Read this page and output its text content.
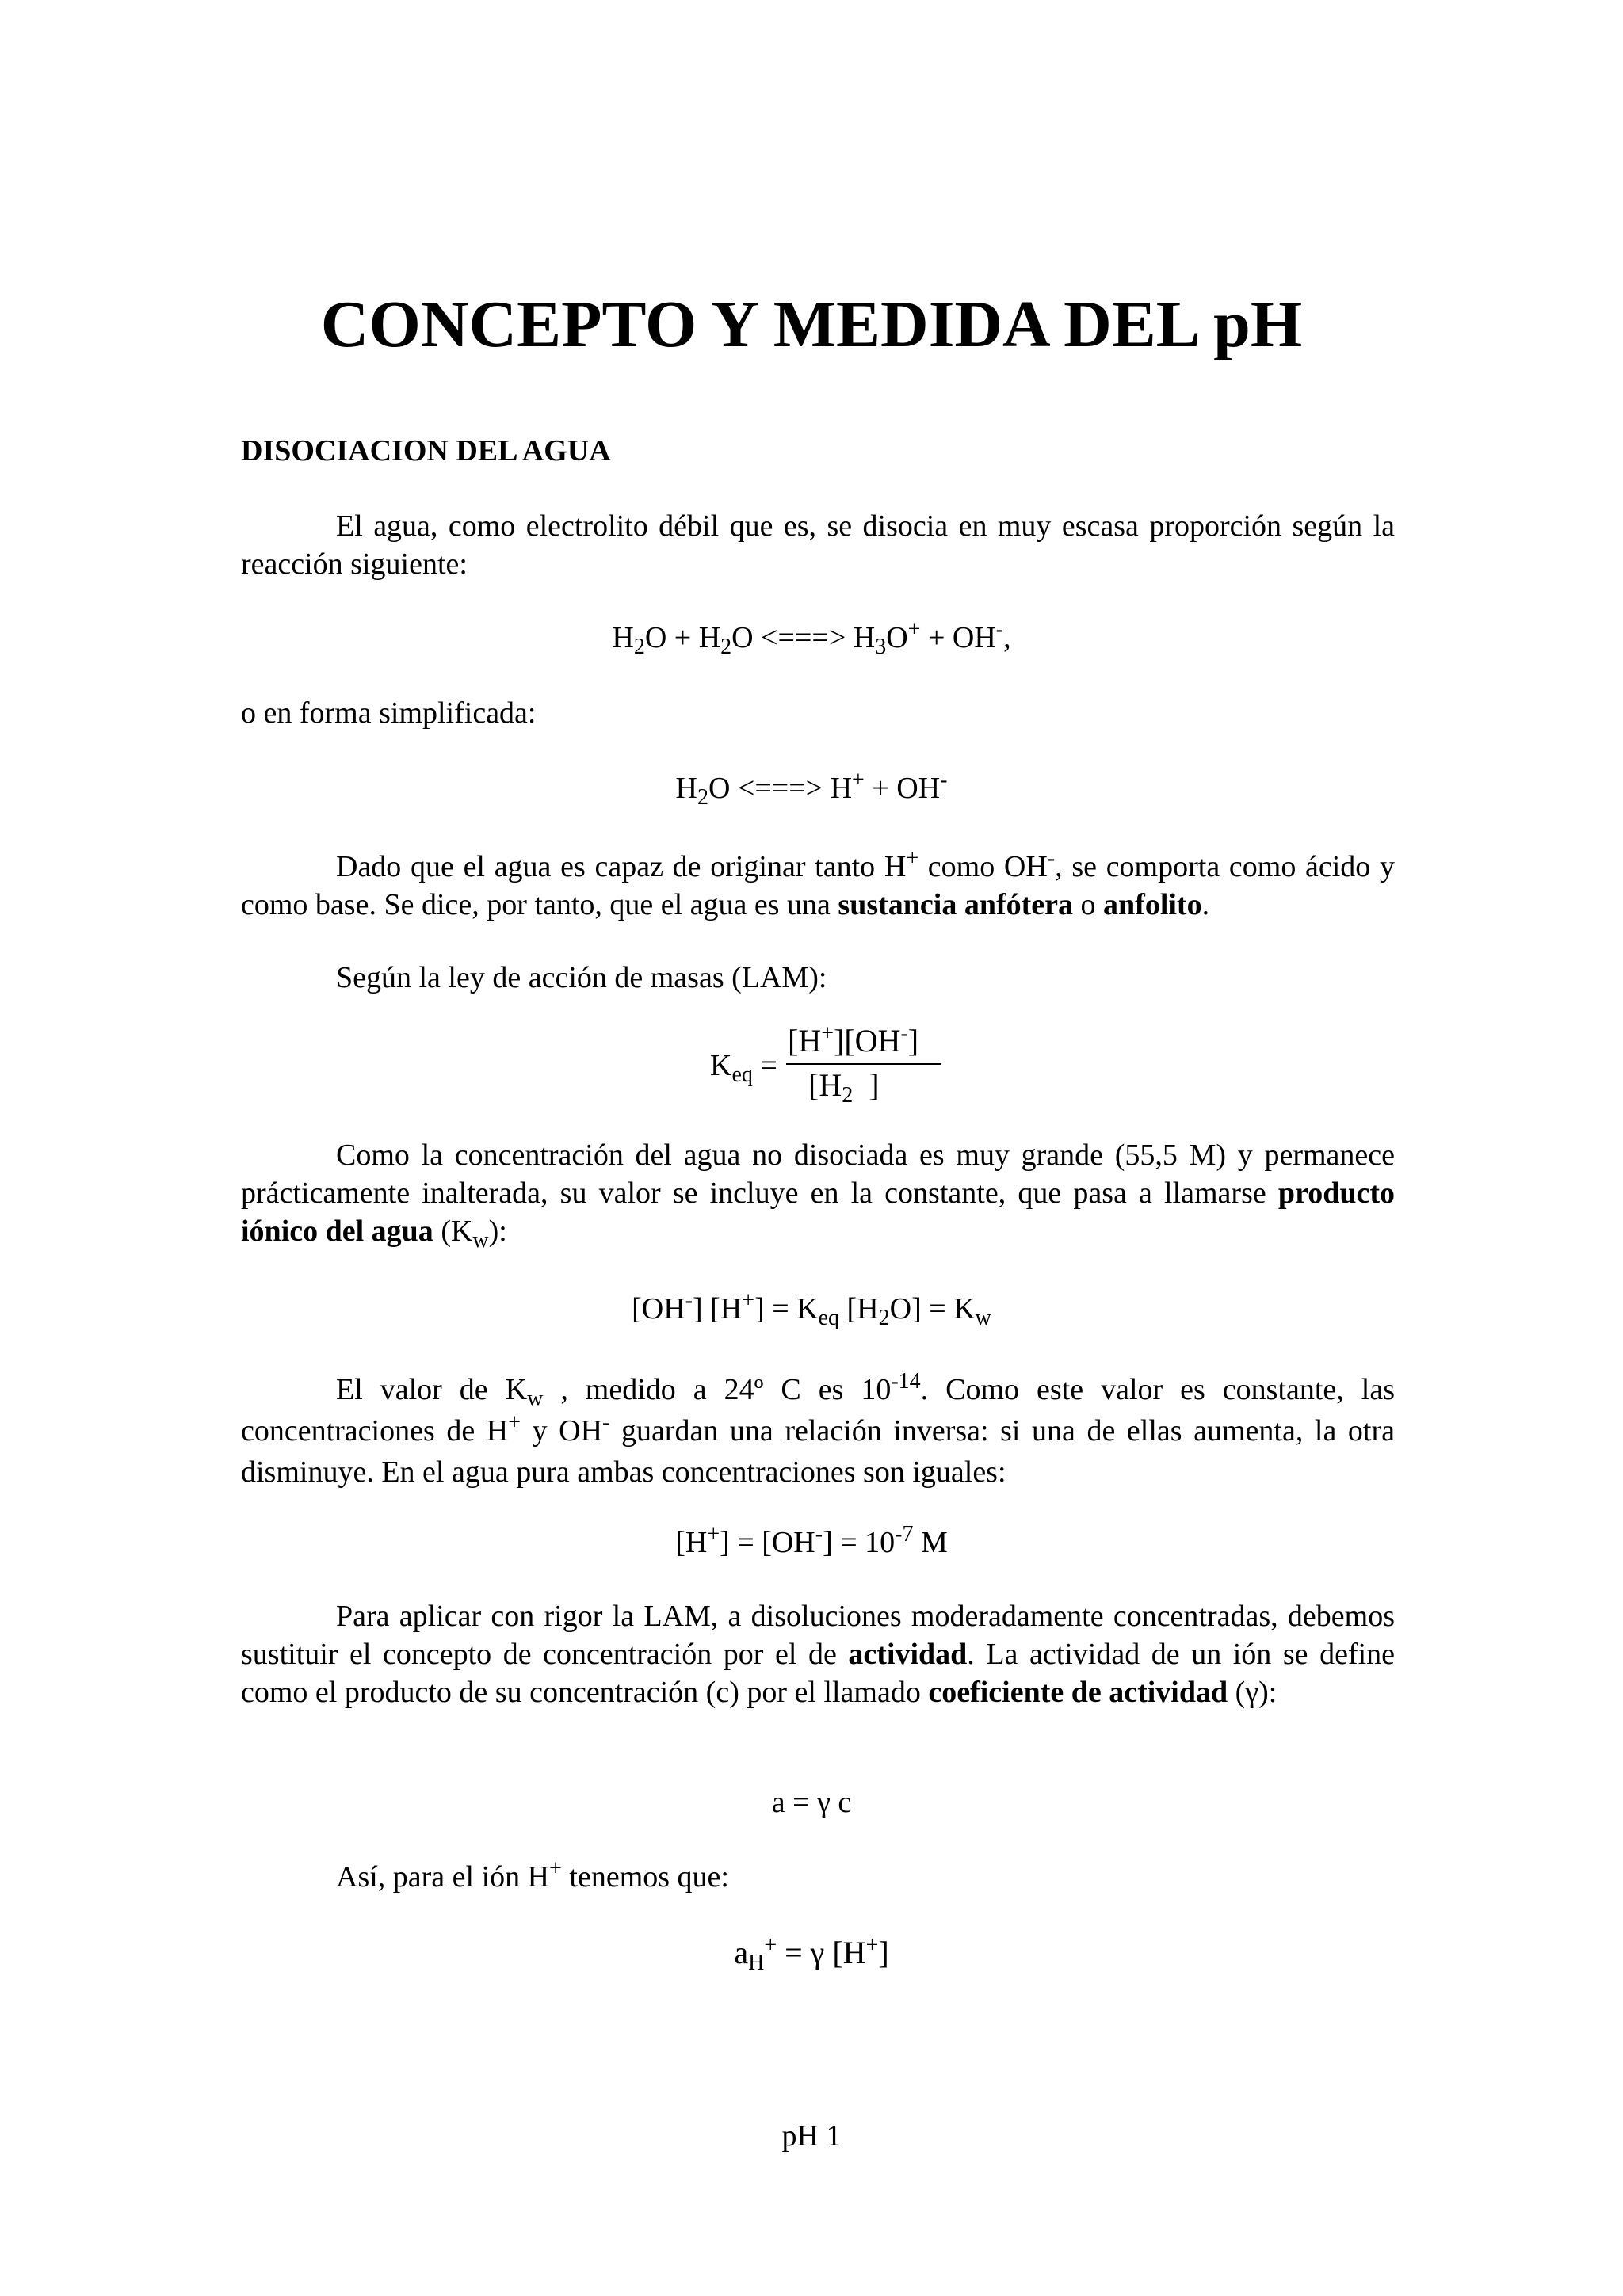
CONCEPTO Y MEDIDA DEL pH
DISOCIACION DEL AGUA

El agua, como electrolito débil que es, se disocia en muy escasa proporción según la reacción siguiente:

$H_2O + H_2O$ <===> $H_3O^+ + OH^-$,
o en forma simplificada:
$H_2O$ <===> H+ + OH-

Dado que el agua es capaz de originar tanto H+ como OH-, se comporta como ácido y como base. Se dice, por tanto, que el agua es una sustancia anfótera o anfolito.

Según la ley de acción de masas (LAM):
$K_{eq}$ =
[H+][OH-]
[$H_2$  ]

Como la concentración del agua no disociada es muy grande (55,5 M) y permanece prácticamente inalterada, su valor se incluye en la constante, que pasa a llamarse producto iónico del agua $(K_w)$:

[OH-] $[H^+] = K_{eq}$ $[H_2O] = K_w$

El valor de $K_w$ , medido a 24º C es $10^{-14}$. Como este valor es constante, las concentraciones de H+ y OH- guardan una relación inversa: si una de ellas aumenta, la otra disminuye. En el agua pura ambas concentraciones son iguales:

$[H^+] = [OH^-] = 10^{-7}$ M

Para aplicar con rigor la LAM, a disoluciones moderadamente concentradas, debemos sustituir el concepto de concentración por el de actividad. La actividad de un ión se define como el producto de su concentración (c) por el llamado coeficiente de actividad (γ):

a = γ c
Así, para el ión H+ tenemos que:
$a_H^+ = \gamma$ [H+]
pH 1
